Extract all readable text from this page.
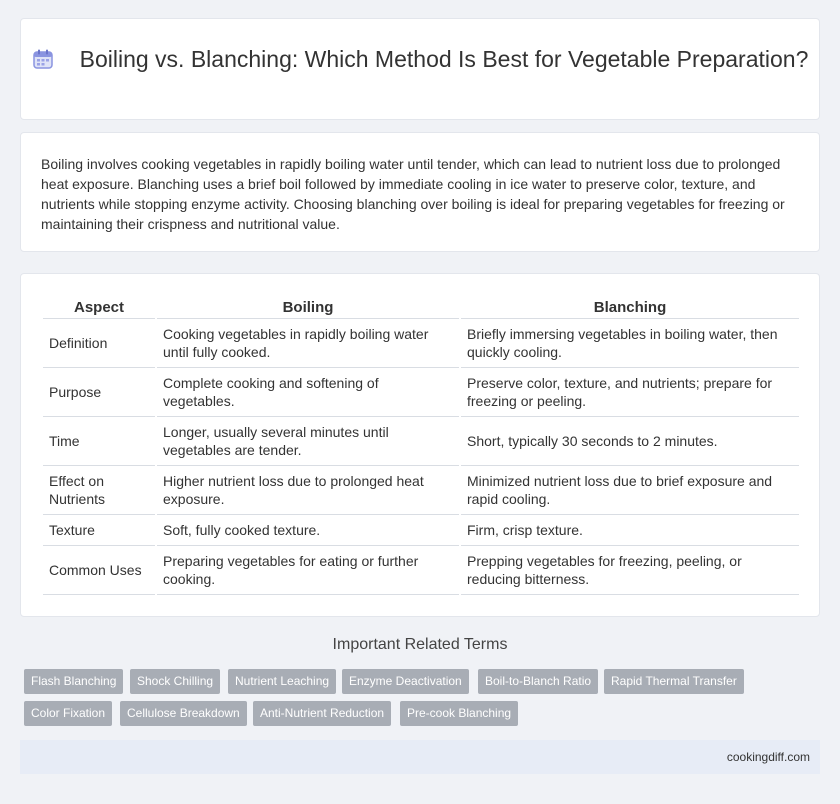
Boiling vs. Blanching: Which Method Is Best for Vegetable Preparation?
Boiling involves cooking vegetables in rapidly boiling water until tender, which can lead to nutrient loss due to prolonged heat exposure. Blanching uses a brief boil followed by immediate cooling in ice water to preserve color, texture, and nutrients while stopping enzyme activity. Choosing blanching over boiling is ideal for preparing vegetables for freezing or maintaining their crispness and nutritional value.
Aspect	Boiling	Blanching
Definition	Cooking vegetables in rapidly boiling water until fully cooked.	Briefly immersing vegetables in boiling water, then quickly cooling.
Purpose	Complete cooking and softening of vegetables.	Preserve color, texture, and nutrients; prepare for freezing or peeling.
Time	Longer, usually several minutes until vegetables are tender.	Short, typically 30 seconds to 2 minutes.
Effect on Nutrients	Higher nutrient loss due to prolonged heat exposure.	Minimized nutrient loss due to brief exposure and rapid cooling.
Texture	Soft, fully cooked texture.	Firm, crisp texture.
Common Uses	Preparing vegetables for eating or further cooking.	Prepping vegetables for freezing, peeling, or reducing bitterness.
Important Related Terms
Flash Blanching	Shock Chilling	Nutrient Leaching	Enzyme Deactivation	Boil-to-Blanch Ratio	Rapid Thermal Transfer
Color Fixation	Cellulose Breakdown	Anti-Nutrient Reduction	Pre-cook Blanching
cookingdiff.com
